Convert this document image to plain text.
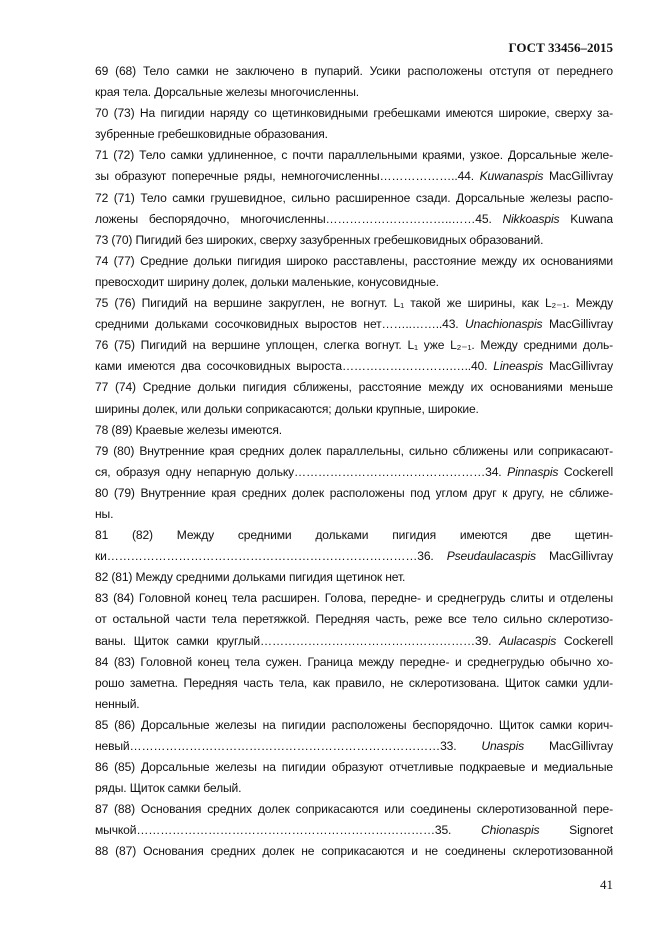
ГОСТ 33456–2015
69 (68) Тело самки не заключено в пупарий. Усики расположены отступя от переднего
края тела. Дорсальные железы многочисленны.
70 (73) На пигидии наряду со щетинковидными гребешками имеются широкие, сверху за-
зубренные гребешковидные образования.
71 (72) Тело самки удлиненное, с почти параллельными краями, узкое. Дорсальные желе-
зы образуют поперечные ряды, немногочисленны………………..44. Kuwanaspis MacGillivray
72 (71) Тело самки грушевидное, сильно расширенное сзади. Дорсальные железы распо-
ложены беспорядочно, многочисленны…………………………..……45. Nikkoaspis Kuwana
73 (70) Пигидий без широких, сверху зазубренных гребешковидных образований.
74 (77) Средние дольки пигидия широко расставлены, расстояние между их основаниями
превосходит ширину долек, дольки маленькие, конусовидные.
75 (76) Пигидий на вершине закруглен, не вогнут. L₁ такой же ширины, как L₂₋₁. Между
средними дольками сосочковидных выростов нет……..……..43. Unachionaspis MacGillivray
76 (75) Пигидий на вершине уплощен, слегка вогнут. L₁ уже L₂₋₁. Между средними доль-
ками имеются два сосочковидных выроста……………………….…..40. Lineaspis MacGillivray
77 (74) Средние дольки пигидия сближены, расстояние между их основаниями меньше
ширины долек, или дольки соприкасаются; дольки крупные, широкие.
78 (89) Краевые железы имеются.
79 (80) Внутренние края средних долек параллельны, сильно сближены или соприкасают-
ся, образуя одну непарную дольку…………………………………………34. Pinnaspis Cockerell
80 (79) Внутренние края средних долек расположены под углом друг к другу, не сближе-
ны.
81 (82) Между средними дольками пигидия имеются две щетин-
ки……………………………………………………………………36. Pseudaulacaspis MacGillivray
82 (81) Между средними дольками пигидия щетинок нет.
83 (84) Головной конец тела расширен. Голова, передне- и среднегрудь слиты и отделены
от остальной части тела перетяжкой. Передняя часть, реже все тело сильно склеротизо-
ваны. Щиток самки круглый………………………………………………39. Aulacaspis Cockerell
84 (83) Головной конец тела сужен. Граница между передне- и среднегрудью обычно хо-
рошо заметна. Передняя часть тела, как правило, не склеротизована. Щиток самки удли-
ненный.
85 (86) Дорсальные железы на пигидии расположены беспорядочно. Щиток самки корич-
невый……………………………………………………………………33. Unaspis MacGillivray
86 (85) Дорсальные железы на пигидии образуют отчетливые подкраевые и медиальные
ряды. Щиток самки белый.
87 (88) Основания средних долек соприкасаются или соединены склеротизованной пере-
мычкой…………………………………………………………………35. Chionaspis Signoret
88 (87) Основания средних долек не соприкасаются и не соединены склеротизованной
41
